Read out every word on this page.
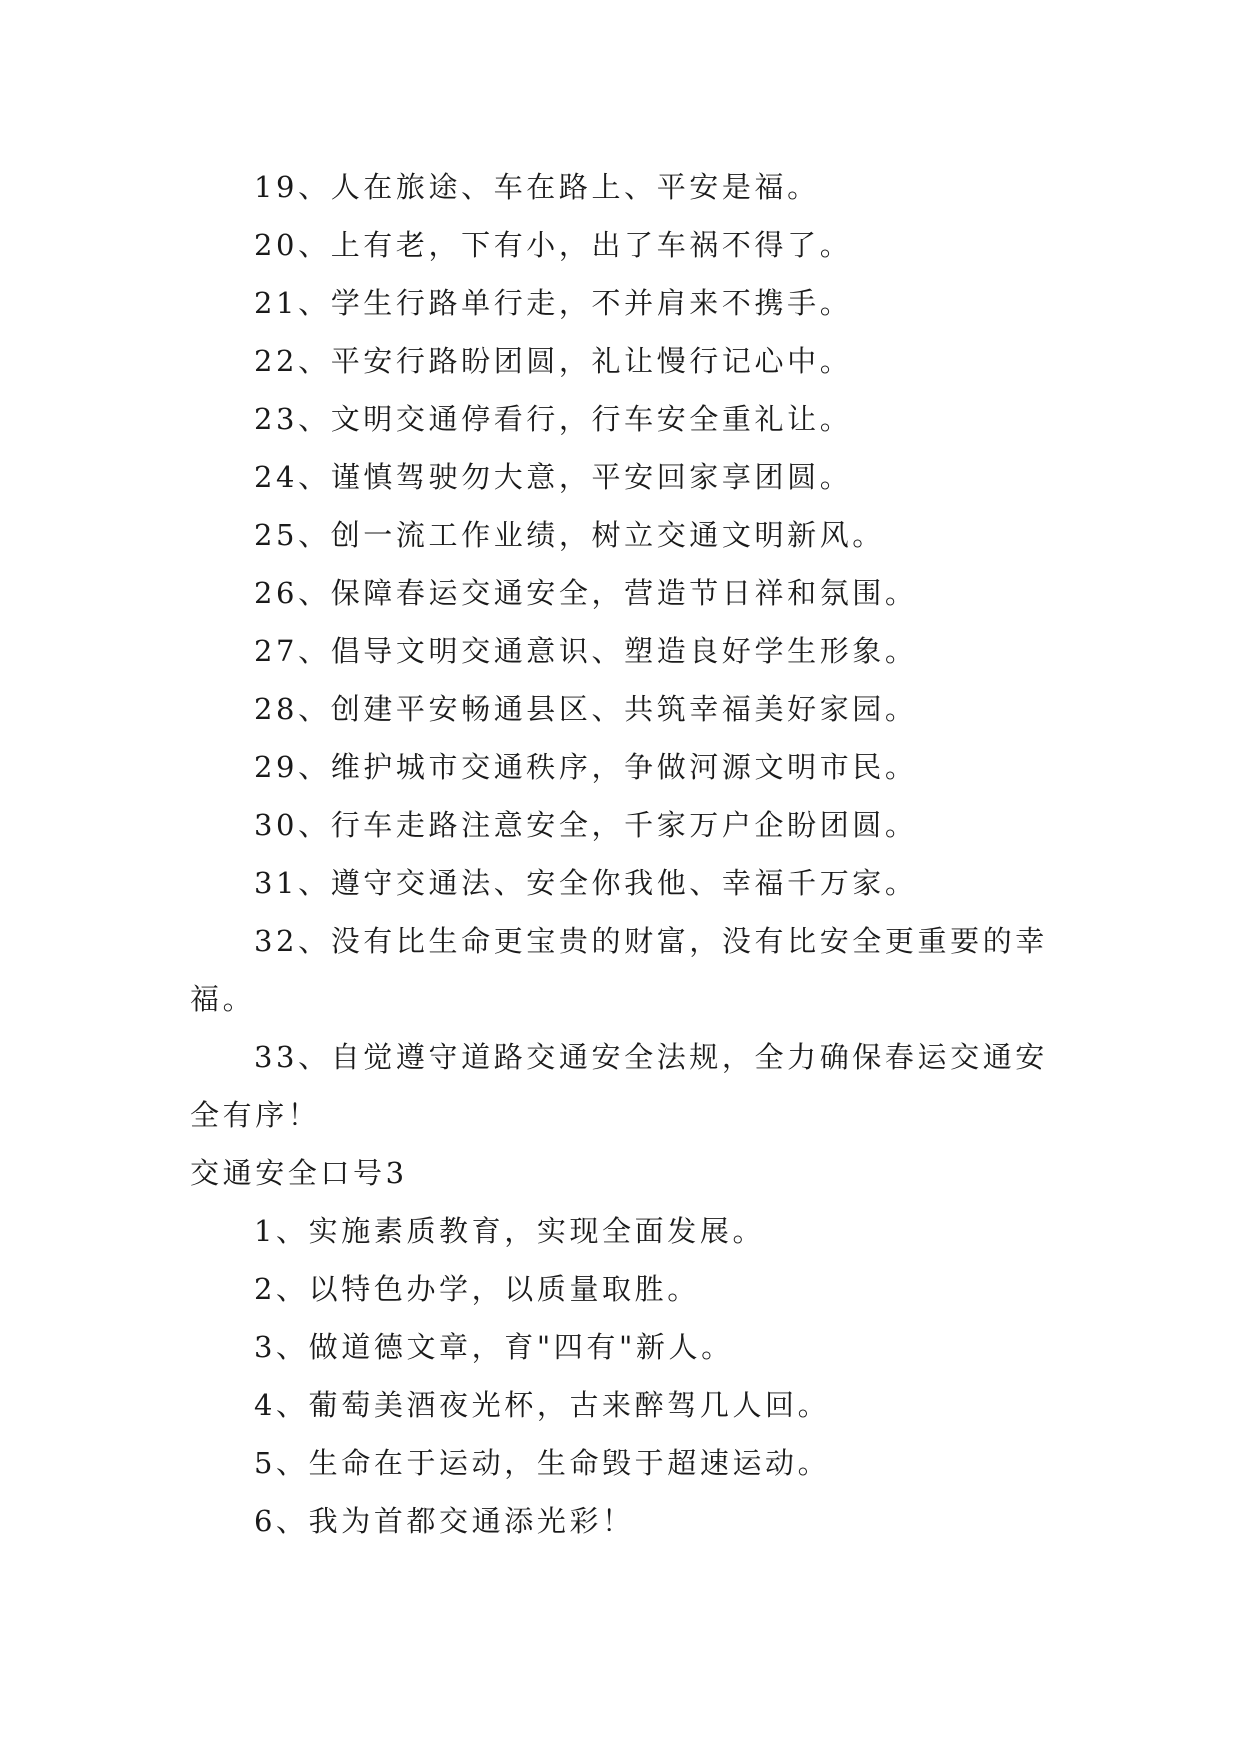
19、人在旅途、车在路上、平安是福。

20、上有老，下有小，出了车祸不得了。

21、学生行路单行走，不并肩来不携手。

22、平安行路盼团圆，礼让慢行记心中。

23、文明交通停看行，行车安全重礼让。

24、谨慎驾驶勿大意，平安回家享团圆。

25、创一流工作业绩，树立交通文明新风。

26、保障春运交通安全，营造节日祥和氛围。

27、倡导文明交通意识、塑造良好学生形象。

28、创建平安畅通县区、共筑幸福美好家园。

29、维护城市交通秩序，争做河源文明市民。

30、行车走路注意安全，千家万户企盼团圆。

31、遵守交通法、安全你我他、幸福千万家。

32、没有比生命更宝贵的财富，没有比安全更重要的幸福。

33、自觉遵守道路交通安全法规，全力确保春运交通安全有序！

交通安全口号3

1、实施素质教育，实现全面发展。

2、以特色办学，以质量取胜。

3、做道德文章，育"四有"新人。

4、葡萄美酒夜光杯，古来醉驾几人回。

5、生命在于运动，生命毁于超速运动。

6、我为首都交通添光彩！
